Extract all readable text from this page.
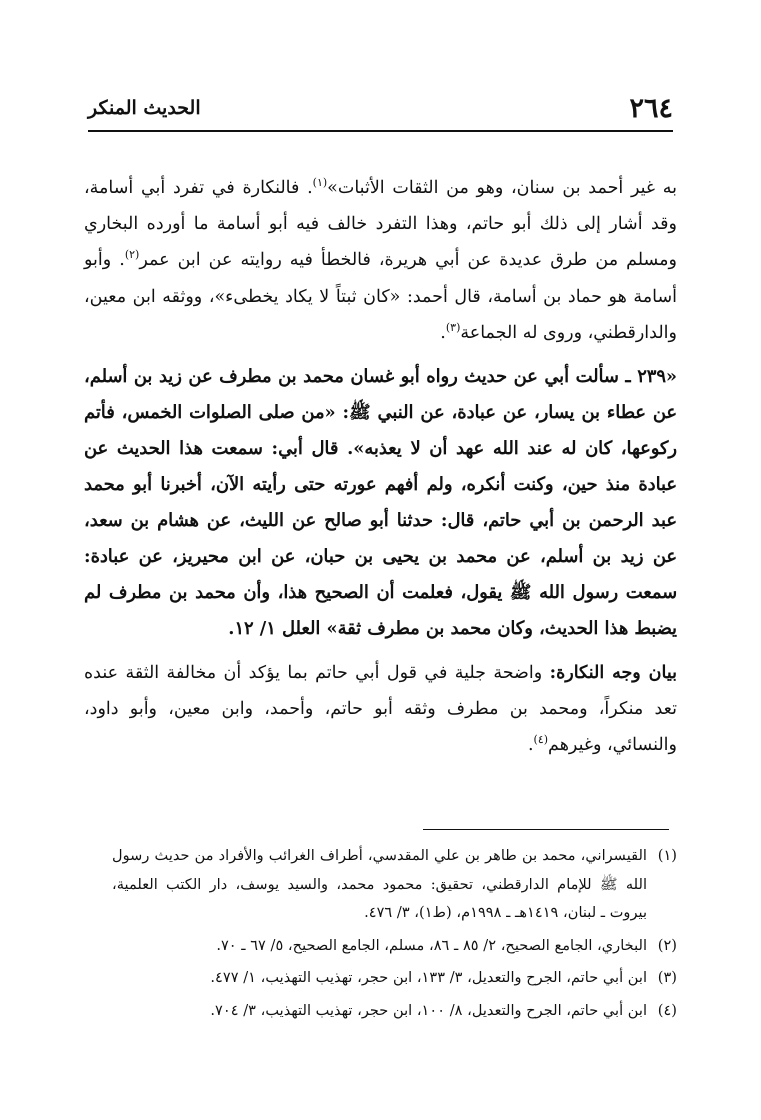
٢٦٤
الحديث المنكر

به غير أحمد بن سنان، وهو من الثقات الأثبات»$^{(١)}$. فالنكارة في تفرد أبي أسامة، وقد أشار إلى ذلك أبو حاتم، وهذا التفرد خالف فيه أبو أسامة ما أورده البخاري ومسلم من طرق عديدة عن أبي هريرة، فالخطأ فيه روايته عن ابن عمر$^{(٢)}$. وأبو أسامة هو حماد بن أسامة، قال أحمد: «كان ثبتاً لا يكاد يخطىء»، ووثقه ابن معين، والدارقطني، وروى له الجماعة$^{(٣)}$.

«٢٣٩ ـ سألت أبي عن حديث رواه أبو غسان محمد بن مطرف عن زيد بن أسلم، عن عطاء بن يسار، عن عبادة، عن النبي ﷺ: «من صلى الصلوات الخمس، فأتم ركوعها، كان له عند الله عهد أن لا يعذبه». قال أبي: سمعت هذا الحديث عن عبادة منذ حين، وكنت أنكره، ولم أفهم عورته حتى رأيته الآن، أخبرنا أبو محمد عبد الرحمن بن أبي حاتم، قال: حدثنا أبو صالح عن الليث، عن هشام بن سعد، عن زيد بن أسلم، عن محمد بن يحيى بن حبان، عن ابن محيريز، عن عبادة: سمعت رسول الله ﷺ يقول، فعلمت أن الصحيح هذا، وأن محمد بن مطرف لم يضبط هذا الحديث، وكان محمد بن مطرف ثقة» العلل ١/ ١٢.

بيان وجه النكارة: واضحة جلية في قول أبي حاتم بما يؤكد أن مخالفة الثقة عنده تعد منكراً، ومحمد بن مطرف وثقه أبو حاتم، وأحمد، وابن معين، وأبو داود، والنسائي، وغيرهم$^{(٤)}$.

(١)
القيسراني، محمد بن طاهر بن علي المقدسي، أطراف الغرائب والأفراد من حديث رسول الله ﷺ للإمام الدارقطني، تحقيق: محمود محمد، والسيد يوسف، دار الكتب العلمية، بيروت ـ لبنان، ١٤١٩هـ ـ ١٩٩٨م، (ط١)، ٣/ ٤٧٦.
(٢)
البخاري، الجامع الصحيح، ٢/ ٨٥ ـ ٨٦، مسلم، الجامع الصحيح، ٥/ ٦٧ ـ ٧٠.
(٣)
ابن أبي حاتم، الجرح والتعديل، ٣/ ١٣٣، ابن حجر، تهذيب التهذيب، ١/ ٤٧٧.
(٤)
ابن أبي حاتم، الجرح والتعديل، ٨/ ١٠٠، ابن حجر، تهذيب التهذيب، ٣/ ٧٠٤.
